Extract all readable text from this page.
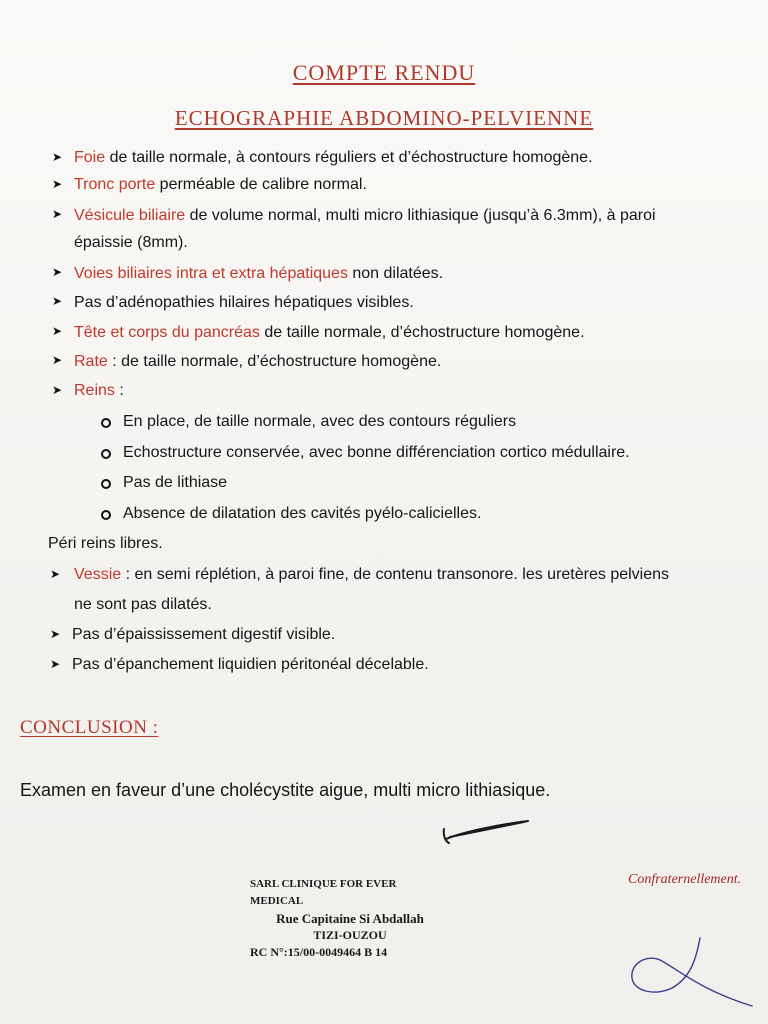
COMPTE RENDU
ECHOGRAPHIE ABDOMINO-PELVIENNE
➤ Foie de taille normale, à contours réguliers et d’échostructure homogène.
➤ Tronc porte perméable de calibre normal.
➤ Vésicule biliaire de volume normal, multi micro lithiasique (jusqu’à 6.3mm), à paroi
épaissie (8mm).
➤ Voies biliaires intra et extra hépatiques non dilatées.
➤ Pas d’adénopathies hilaires hépatiques visibles.
➤ Tête et corps du pancréas de taille normale, d’échostructure homogène.
➤ Rate : de taille normale, d’échostructure homogène.
➤ Reins :
En place, de taille normale, avec des contours réguliers
Echostructure conservée, avec bonne différenciation cortico médullaire.
Pas de lithiase
Absence de dilatation des cavités pyélo-calicielles.
Péri reins libres.
➤ Vessie : en semi réplétion, à paroi fine, de contenu transonore. les uretères pelviens
ne sont pas dilatés.
➤ Pas d’épaississement digestif visible.
➤ Pas d’épanchement liquidien péritonéal décelable.
CONCLUSION :
Examen en faveur d’une cholécystite aigue, multi micro lithiasique.
SARL CLINIQUE FOR EVER MEDICAL
Rue Capitaine Si Abdallah
TIZI-OUZOU
RC N°:15/00-0049464 B 14
Confraternellement.
